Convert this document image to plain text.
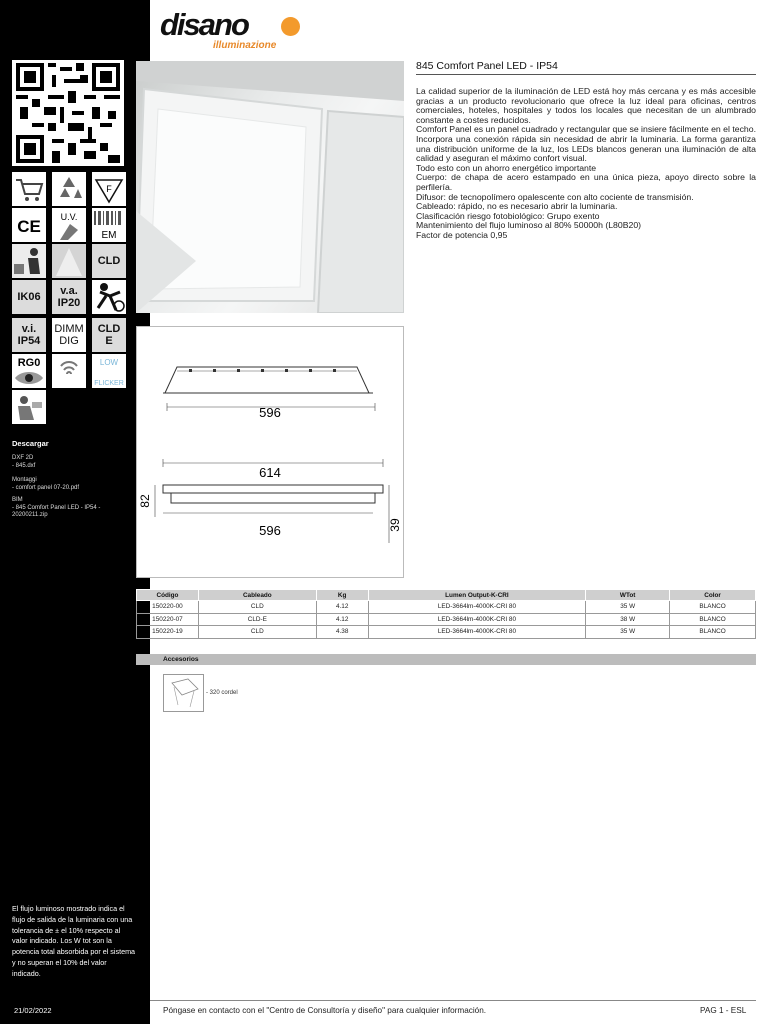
F
CE U.V.
EM
CLD
IK06 v.a.
IP20
v.i.
IP54
DIMM
DIG
CLD
E
RG0	LOW
FLICKER
Descargar
DXF 2D
- 845.dxf
Montaggi
- comfort panel 07-20.pdf
BIM
- 845 Comfort Panel LED - IP54 -
20200211.zip
El flujo luminoso mostrado indica el flujo de salida de la luminaria con una tolerancia de ± el 10% respecto al valor indicado. Los W tot son la potencia total absorbida por el sistema y no superan el 10% del valor indicado.
21/02/2022
disano
illuminazione
596
614
596
82
39
845 Comfort Panel LED - IP54

La calidad superior de la iluminación de LED está hoy más cercana y es más accesible gracias a un producto revolucionario que ofrece la luz ideal para oficinas, centros comerciales, hoteles, hospitales y todos los locales que necesitan de un alumbrado constante a costes reducidos.

Comfort Panel es un panel cuadrado y rectangular que se insiere fácilmente en el techo. Incorpora una conexión rápida sin necesidad de abrir la luminaria. La forma garantiza una distribución uniforme de la luz, los LEDs blancos generan una iluminación de alta calidad y aseguran el máximo confort visual.

Todo esto con un ahorro energético importante

Cuerpo: de chapa de acero estampado en una única pieza, apoyo directo sobre la perfilería.

Difusor: de tecnopolímero opalescente con alto cociente de transmisión.

Cableado: rápido, no es necesario abrir la luminaria.

Clasificación riesgo fotobiológico: Grupo exento

Mantenimiento del flujo luminoso al 80% 50000h (L80B20)

Factor de potencia 0,95

Código	Cableado	Kg	Lumen Output-K-CRI	WTot	Color
150220-00	CLD	4.12	LED-3664lm-4000K-CRI 80	35 W	BLANCO
150220-07	CLD-E	4.12	LED-3664lm-4000K-CRI 80	38 W	BLANCO
150220-19	CLD	4.38	LED-3664lm-4000K-CRI 80	35 W	BLANCO
Accesorios
- 320 cordel
Póngase en contacto con el "Centro de Consultoría y diseño" para cualquier información.	PAG 1 - ESL
